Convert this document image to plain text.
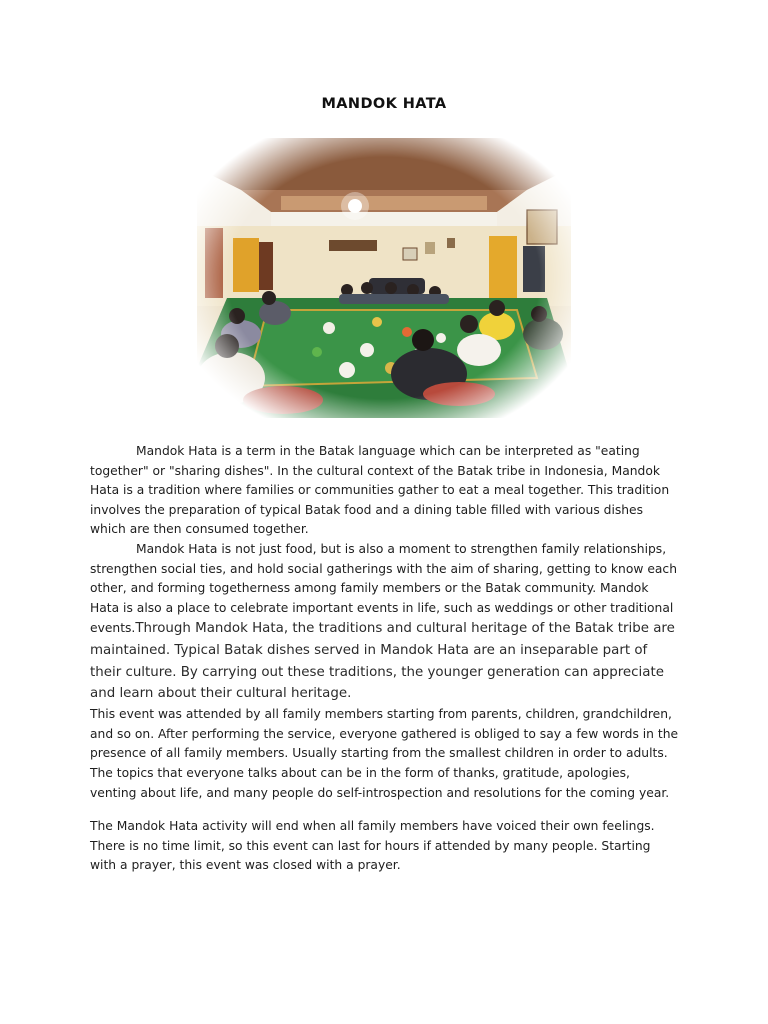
MANDOK HATA

Mandok Hata is a term in the Batak language which can be interpreted as "eating together" or "sharing dishes". In the cultural context of the Batak tribe in Indonesia, Mandok Hata is a tradition where families or communities gather to eat a meal together. This tradition involves the preparation of typical Batak food and a dining table filled with various dishes which are then consumed together.

Mandok Hata is not just food, but is also a moment to strengthen family relationships, strengthen social ties, and hold social gatherings with the aim of sharing, getting to know each other, and forming togetherness among family members or the Batak community. Mandok Hata is also a place to celebrate important events in life, such as weddings or other traditional events.Through Mandok Hata, the traditions and cultural heritage of the Batak tribe are maintained. Typical Batak dishes served in Mandok Hata are an inseparable part of their culture. By carrying out these traditions, the younger generation can appreciate and learn about their cultural heritage.

This event was attended by all family members starting from parents, children, grandchildren, and so on. After performing the service, everyone gathered is obliged to say a few words in the presence of all family members. Usually starting from the smallest children in order to adults. The topics that everyone talks about can be in the form of thanks, gratitude, apologies, venting about life, and many people do self-introspection and resolutions for the coming year.

The Mandok Hata activity will end when all family members have voiced their own feelings. There is no time limit, so this event can last for hours if attended by many people. Starting with a prayer, this event was closed with a prayer.
